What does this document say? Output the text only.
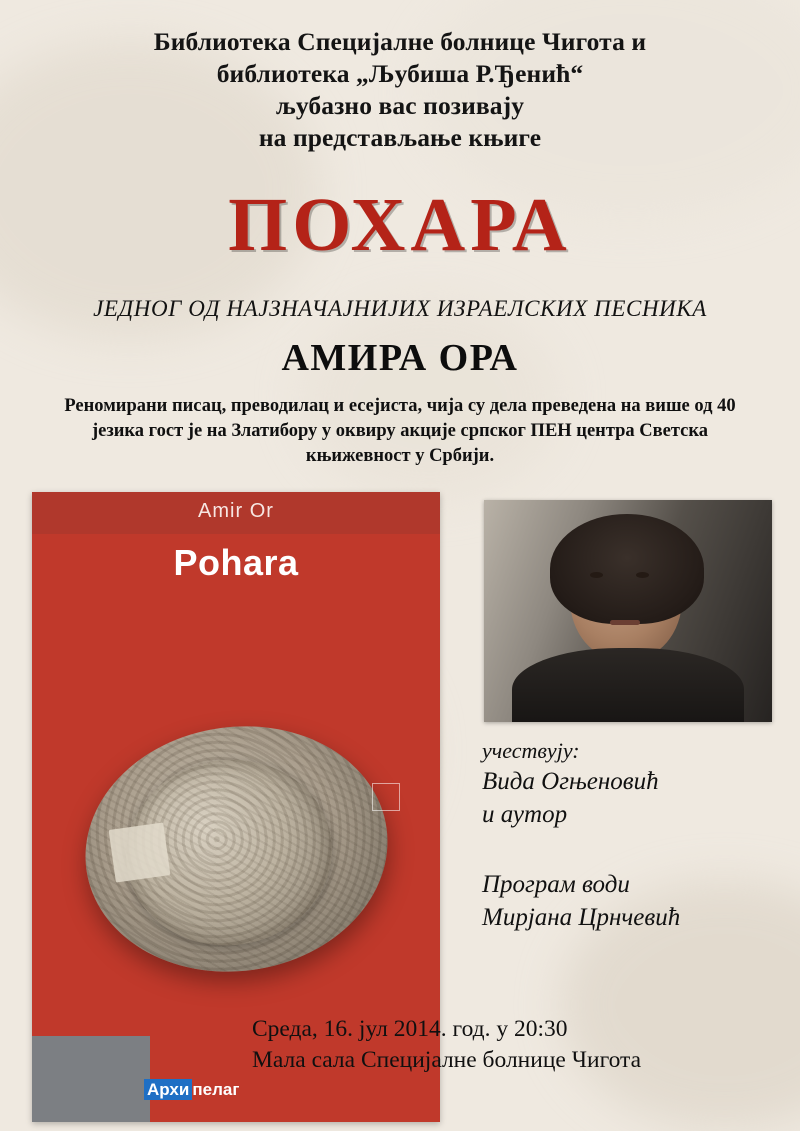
Библиотека Специјалне болнице Чигота и
библиотека „Љубиша Р.Ђенић“
љубазно вас позивају
на представљање књиге
ПОХАРА
ЈЕДНОГ ОД НАЈЗНАЧАЈНИЈИХ ИЗРАЕЛСКИХ ПЕСНИКА
АМИРА ОРА
Реномирани писац, преводилац и есејиста, чија су дела преведена на више од 40 језика гост је на Златибору у оквиру акције српског ПЕН центра Светска књижевност у Србији.
Amir Or
Pohara
Архи пелаг
учествују:
Вида Огњеновић
и аутор
Програм води
Мирјана Црнчевић
Среда, 16. јул 2014. год. у 20:30
Мала сала Специјалне болнице Чигота
